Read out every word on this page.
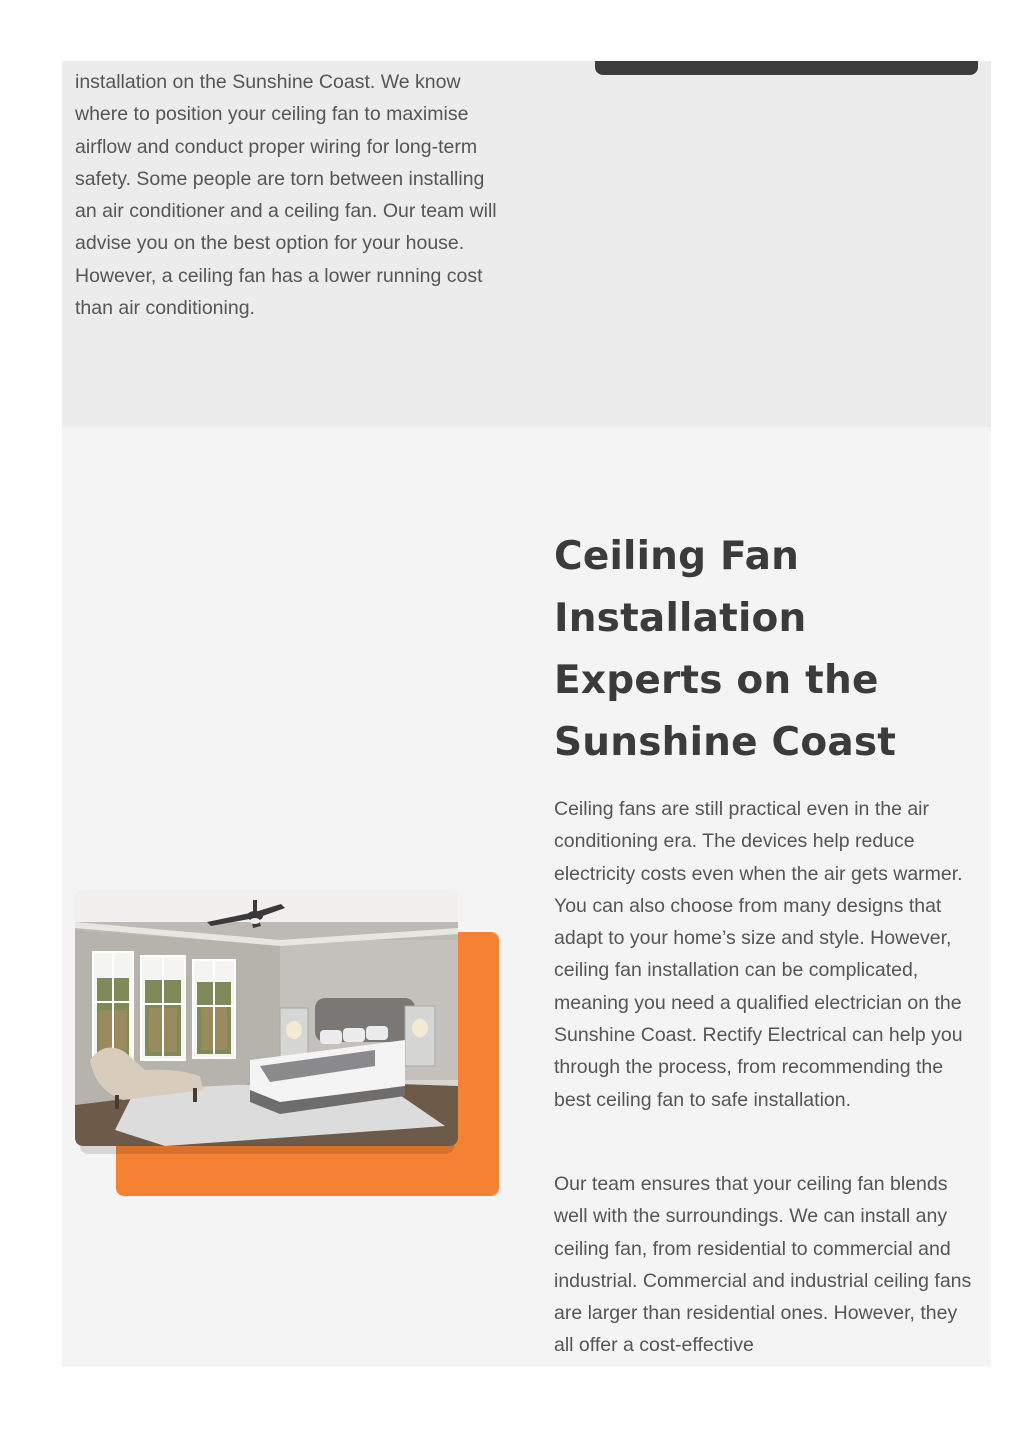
installation on the Sunshine Coast. We know where to position your ceiling fan to maximise airflow and conduct proper wiring for long-term safety. Some people are torn between installing an air conditioner and a ceiling fan. Our team will advise you on the best option for your house. However, a ceiling fan has a lower running cost than air conditioning.

Ceiling Fan Installation Experts on the Sunshine Coast

Ceiling fans are still practical even in the air conditioning era. The devices help reduce electricity costs even when the air gets warmer. You can also choose from many designs that adapt to your home’s size and style. However, ceiling fan installation can be complicated, meaning you need a qualified electrician on the Sunshine Coast. Rectify Electrical can help you through the process, from recommending the best ceiling fan to safe installation.

Our team ensures that your ceiling fan blends well with the surroundings. We can install any ceiling fan, from residential to commercial and industrial. Commercial and industrial ceiling fans are larger than residential ones. However, they all offer a cost-effective
